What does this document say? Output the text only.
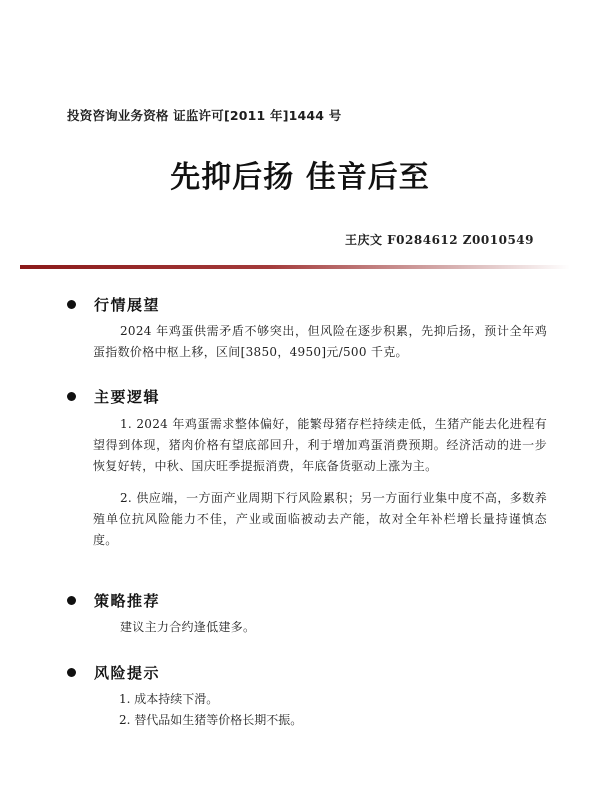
投资咨询业务资格 证监许可[2011 年]1444 号
先抑后扬 佳音后至
王庆文 F0284612 Z0010549
行情展望

2024 年鸡蛋供需矛盾不够突出，但风险在逐步积累，先抑后扬，预计全年鸡蛋指数价格中枢上移，区间[3850，4950]元/500 千克。

主要逻辑

1. 2024 年鸡蛋需求整体偏好，能繁母猪存栏持续走低，生猪产能去化进程有望得到体现，猪肉价格有望底部回升，利于增加鸡蛋消费预期。经济活动的进一步恢复好转，中秋、国庆旺季提振消费，年底备货驱动上涨为主。

2. 供应端，一方面产业周期下行风险累积；另一方面行业集中度不高，多数养殖单位抗风险能力不佳，产业或面临被动去产能，故对全年补栏增长量持谨慎态度。

策略推荐

建议主力合约逢低建多。

风险提示
1. 成本持续下滑。
2. 替代品如生猪等价格长期不振。
